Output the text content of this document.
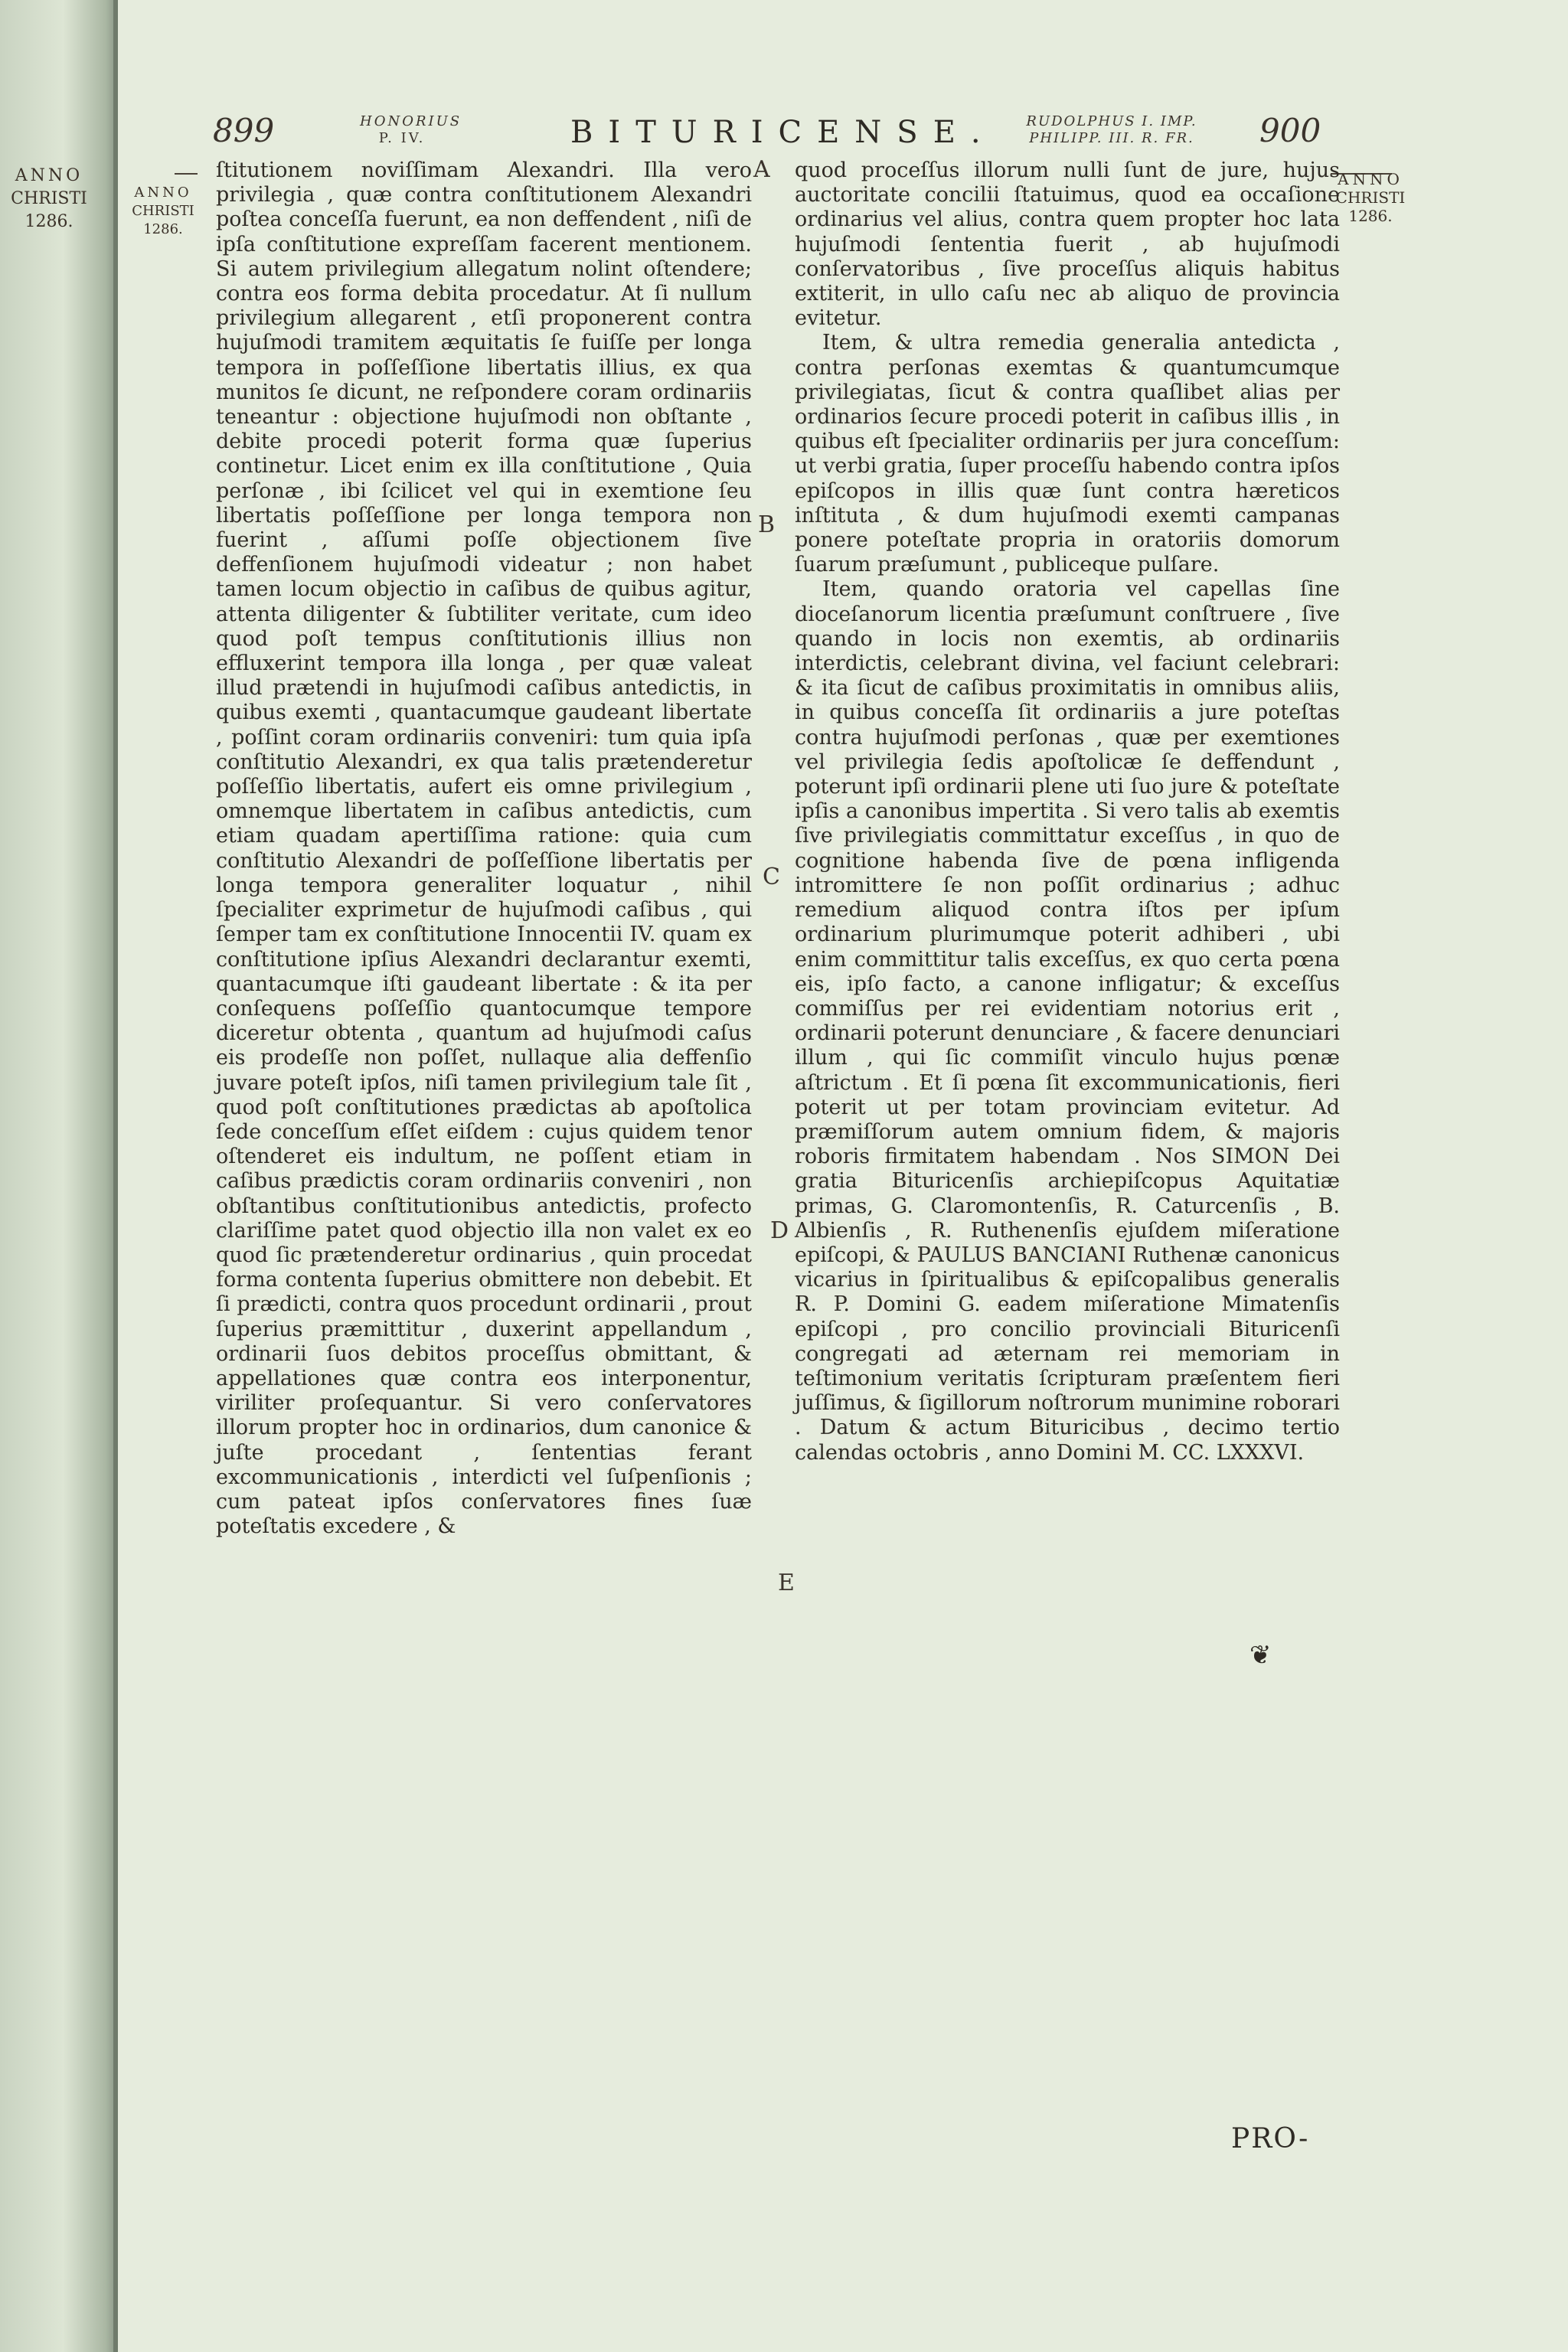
ANNO
CHRISTI
1286.
899	HONORIUS
P. IV.	BITURICENSE.	RUDOLPHUS I. IMP.
PHILIPP. III. R. FR.	900
ANNO
CHRISTI
1286.
ANNO
CHRISTI
1286.

ſtitutionem noviſſimam Alexandri. Illa vero privilegia , quæ contra conſtitutionem Alexandri poſtea conceſſa fuerunt, ea non deffendent , niſi de ipſa conſtitutione expreſſam facerent mentionem. Si autem privilegium allegatum nolint oſtendere; contra eos forma debita procedatur. At ſi nullum privilegium allegarent , etſi proponerent contra hujuſmodi tramitem æquitatis ſe fuiſſe per longa tempora in poſſeſſione libertatis illius, ex qua munitos ſe dicunt, ne reſpondere coram ordinariis teneantur : objectione hujuſmodi non obſtante , debite procedi poterit forma quæ ſuperius continetur. Licet enim ex illa conſtitutione , Quia perſonæ , ibi ſcilicet vel qui in exemtione ſeu libertatis poſſeſſione per longa tempora non fuerint , aſſumi poſſe objectionem ſive deffenſionem hujuſmodi videatur ; non habet tamen locum objectio in caſibus de quibus agitur, attenta diligenter & ſubtiliter veritate, cum ideo quod poſt tempus conſtitutionis illius non effluxerint tempora illa longa , per quæ valeat illud prætendi in hujuſmodi caſibus antedictis, in quibus exemti , quantacumque gaudeant libertate , poſſint coram ordinariis conveniri: tum quia ipſa conſtitutio Alexandri, ex qua talis prætenderetur poſſeſſio libertatis, aufert eis omne privilegium , omnemque libertatem in caſibus antedictis, cum etiam quadam apertiſſima ratione: quia cum conſtitutio Alexandri de poſſeſſione libertatis per longa tempora generaliter loquatur , nihil ſpecialiter exprimetur de hujuſmodi caſibus , qui ſemper tam ex conſtitutione Innocentii IV. quam ex conſtitutione ipſius Alexandri declarantur exemti, quantacumque iſti gaudeant libertate : & ita per conſequens poſſeſſio quantocumque tempore diceretur obtenta , quantum ad hujuſmodi caſus eis prodeſſe non poſſet, nullaque alia deffenſio juvare poteſt ipſos, niſi tamen privilegium tale ſit , quod poſt conſtitutiones prædictas ab apoſtolica ſede conceſſum eſſet eiſdem : cujus quidem tenor oſtenderet eis indultum, ne poſſent etiam in caſibus prædictis coram ordinariis conveniri , non obſtantibus conſtitutionibus antedictis, profecto clariſſime patet quod objectio illa non valet ex eo quod ſic prætenderetur ordinarius , quin procedat forma contenta ſuperius obmittere non debebit. Et ſi prædicti, contra quos procedunt ordinarii , prout ſuperius præmittitur , duxerint appellandum , ordinarii ſuos debitos proceſſus obmittant, & appellationes quæ contra eos interponentur, viriliter proſequantur. Si vero conſervatores illorum propter hoc in ordinarios, dum canonice & juſte procedant , ſententias ferant excommunicationis , interdicti vel ſuſpenſionis ; cum pateat ipſos conſervatores fines ſuæ poteſtatis excedere , &

quod proceſſus illorum nulli ſunt de jure, hujus auctoritate concilii ſtatuimus, quod ea occaſione ordinarius vel alius, contra quem propter hoc lata hujuſmodi ſententia fuerit , ab hujuſmodi conſervatoribus , ſive proceſſus aliquis habitus extiterit, in ullo caſu nec ab aliquo de provincia evitetur.

Item, & ultra remedia generalia antedicta , contra perſonas exemtas & quantumcumque privilegiatas, ſicut & contra quaſlibet alias per ordinarios ſecure procedi poterit in caſibus illis , in quibus eſt ſpecialiter ordinariis per jura conceſſum: ut verbi gratia, ſuper proceſſu habendo contra ipſos epiſcopos in illis quæ ſunt contra hæreticos inſtituta , & dum hujuſmodi exemti campanas ponere poteſtate propria in oratoriis domorum ſuarum præſumunt , publiceque pulſare.

Item, quando oratoria vel capellas ſine dioceſanorum licentia præſumunt conſtruere , ſive quando in locis non exemtis, ab ordinariis interdictis, celebrant divina, vel faciunt celebrari: & ita ſicut de caſibus proximitatis in omnibus aliis, in quibus conceſſa ſit ordinariis a jure poteſtas contra hujuſmodi perſonas , quæ per exemtiones vel privilegia ſedis apoſtolicæ ſe deffendunt , poterunt ipſi ordinarii plene uti ſuo jure & poteſtate ipſis a canonibus impertita . Si vero talis ab exemtis ſive privilegiatis committatur exceſſus , in quo de cognitione habenda ſive de pœna infligenda intromittere ſe non poſſit ordinarius ; adhuc remedium aliquod contra iſtos per ipſum ordinarium plurimumque poterit adhiberi , ubi enim committitur talis exceſſus, ex quo certa pœna eis, ipſo facto, a canone infligatur; & exceſſus commiſſus per rei evidentiam notorius erit , ordinarii poterunt denunciare , & facere denunciari illum , qui ſic commiſit vinculo hujus pœnæ aſtrictum . Et ſi pœna ſit excommunicationis, fieri poterit ut per totam provinciam evitetur. Ad præmiſſorum autem omnium fidem, & majoris roboris firmitatem habendam . Nos SIMON Dei gratia Bituricenſis archiepiſcopus Aquitatiæ primas, G. Claromontenſis, R. Caturcenſis , B. Albienſis , R. Ruthenenſis ejuſdem miſeratione epiſcopi, & PAULUS BANCIANI Ruthenæ canonicus vicarius in ſpiritualibus & epiſcopalibus generalis R. P. Domini G. eadem miſeratione Mimatenſis epiſcopi , pro concilio provinciali Bituricenſi congregati ad æternam rei memoriam in teſtimonium veritatis ſcripturam præſentem fieri juſſimus, & ſigillorum noſtrorum munimine roborari . Datum & actum Bituricibus , decimo tertio calendas octobris , anno Domini M. CC. LXXXVI.

A
B
C
D
E
❦
PRO-
